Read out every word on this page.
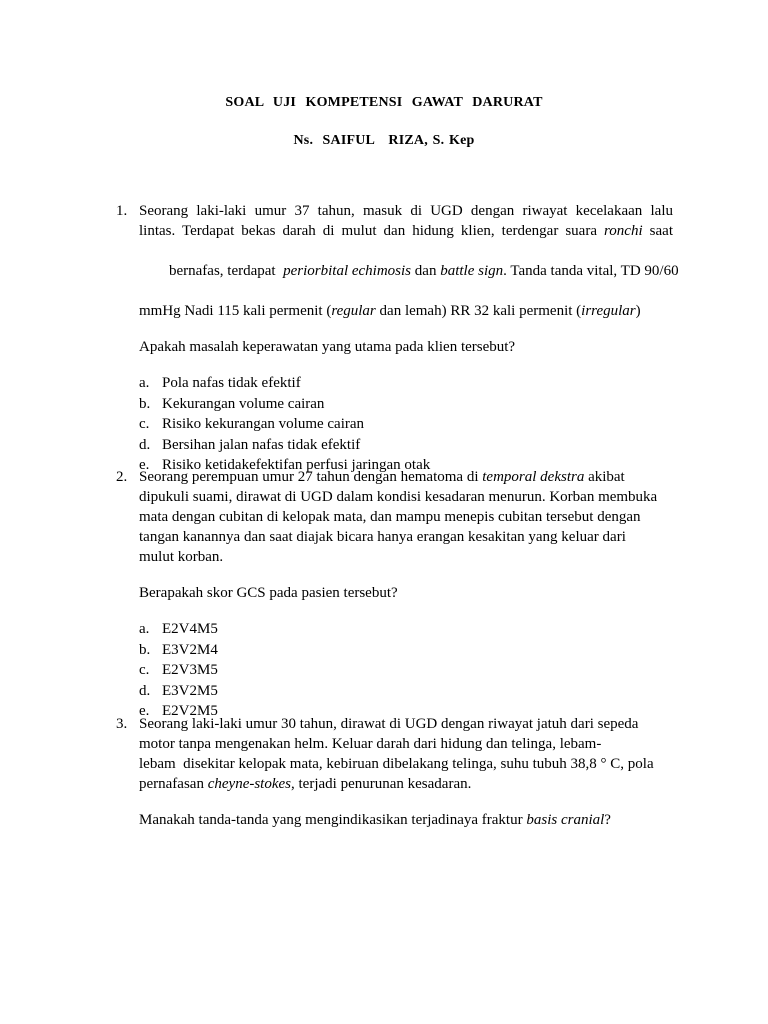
SOAL  UJI  KOMPETENSI  GAWAT  DARURAT
Ns.  SAIFUL   RIZA, S. Kep
1. Seorang laki-laki umur 37 tahun, masuk di UGD dengan riwayat kecelakaan lalu
lintas. Terdapat bekas darah di mulut dan hidung klien, terdengar suara ronchi saat

bernafas, terdapat  periorbital echimosis dan battle sign. Tanda tanda vital, TD 90/60

mmHg Nadi 115 kali permenit (regular dan lemah) RR 32 kali permenit (irregular)

Apakah masalah keperawatan yang utama pada klien tersebut?

a. Pola nafas tidak efektif
b. Kekurangan volume cairan
c. Risiko kekurangan volume cairan
d. Bersihan jalan nafas tidak efektif
e. Risiko ketidakefektifan perfusi jaringan otak
2. Seorang perempuan umur 27 tahun dengan hematoma di temporal dekstra akibat
dipukuli suami, dirawat di UGD dalam kondisi kesadaran menurun. Korban membuka
mata dengan cubitan di kelopak mata, dan mampu menepis cubitan tersebut dengan
tangan kanannya dan saat diajak bicara hanya erangan kesakitan yang keluar dari
mulut korban.

Berapakah skor GCS pada pasien tersebut?

a. E2V4M5
b. E3V2M4
c. E2V3M5
d. E3V2M5
e. E2V2M5
3. Seorang laki-laki umur 30 tahun, dirawat di UGD dengan riwayat jatuh dari sepeda
motor tanpa mengenakan helm. Keluar darah dari hidung dan telinga, lebam-
lebam  disekitar kelopak mata, kebiruan dibelakang telinga, suhu tubuh 38,8 ° C, pola
pernafasan cheyne-stokes, terjadi penurunan kesadaran.

Manakah tanda-tanda yang mengindikasikan terjadinaya fraktur basis cranial?
